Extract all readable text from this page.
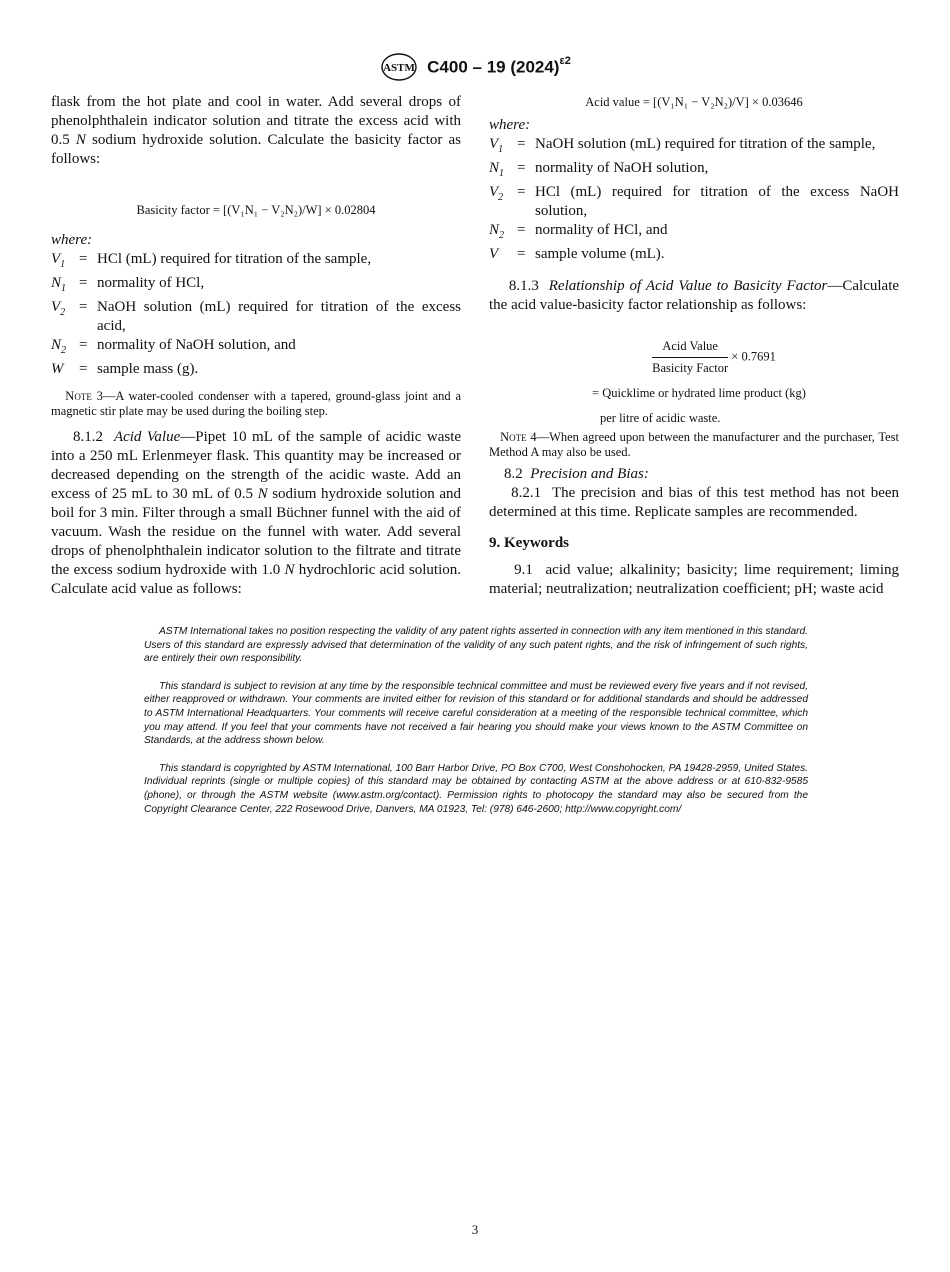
ASTM C400 – 19 $(2024)^{\varepsilon 2}$

flask from the hot plate and cool in water. Add several drops of phenolphthalein indicator solution and titrate the excess acid with 0.5 N sodium hydroxide solution. Calculate the basicity factor as follows:

Basicity factor = [(V₁N₁ − V₂N₂)/W] × 0.02804

where:

$V_1$ = HCl (mL) required for titration of the sample,
$N_1$ = normality of HCl,
$V_2$ = NaOH solution (mL) required for titration of the excess acid,
$N_2$ = normality of NaOH solution, and
W	= sample mass (g).

Note 3—A water-cooled condenser with a tapered, ground-glass joint and a magnetic stir plate may be used during the boiling step.

8.1.2 Acid Value—Pipet 10 mL of the sample of acidic waste into a 250 mL Erlenmeyer flask. This quantity may be increased or decreased depending on the strength of the acidic waste. Add an excess of 25 mL to 30 mL of 0.5 N sodium hydroxide solution and boil for 3 min. Filter through a small Büchner funnel with the aid of vacuum. Wash the residue on the funnel with water. Add several drops of phenolphthalein indicator solution to the filtrate and titrate the excess sodium hydroxide with 1.0 N hydrochloric acid solution. Calculate acid value as follows:

Acid value = [(V₁N₁ − V₂N₂)/V] × 0.03646

where:

$V_1$ = NaOH solution (mL) required for titration of the sample,
$N_1$ = normality of NaOH solution,
$V_2$ = HCl (mL) required for titration of the excess NaOH solution,
$N_2$ = normality of HCl, and
V	= sample volume (mL).

8.1.3 Relationship of Acid Value to Basicity Factor—Calculate the acid value-basicity factor relationship as follows:

$\frac{\text{Acid Value}}{\text{Basicity Factor}} \times 0.7691$
= Quicklime or hydrated lime product (kg)
per litre of acidic waste.

Note 4—When agreed upon between the manufacturer and the purchaser, Test Method A may also be used.

8.2 Precision and Bias:

8.2.1 The precision and bias of this test method has not been determined at this time. Replicate samples are recommended.

9. Keywords

9.1 acid value; alkalinity; basicity; lime requirement; liming material; neutralization; neutralization coefficient; pH; waste acid

ASTM International takes no position respecting the validity of any patent rights asserted in connection with any item mentioned in this standard. Users of this standard are expressly advised that determination of the validity of any such patent rights, and the risk of infringement of such rights, are entirely their own responsibility.

This standard is subject to revision at any time by the responsible technical committee and must be reviewed every five years and if not revised, either reapproved or withdrawn. Your comments are invited either for revision of this standard or for additional standards and should be addressed to ASTM International Headquarters. Your comments will receive careful consideration at a meeting of the responsible technical committee, which you may attend. If you feel that your comments have not received a fair hearing you should make your views known to the ASTM Committee on Standards, at the address shown below.

This standard is copyrighted by ASTM International, 100 Barr Harbor Drive, PO Box C700, West Conshohocken, PA 19428-2959, United States. Individual reprints (single or multiple copies) of this standard may be obtained by contacting ASTM at the above address or at 610-832-9585 (phone), or through the ASTM website (www.astm.org/contact). Permission rights to photocopy the standard may also be secured from the Copyright Clearance Center, 222 Rosewood Drive, Danvers, MA 01923, Tel: (978) 646-2600; http://www.copyright.com/

3
